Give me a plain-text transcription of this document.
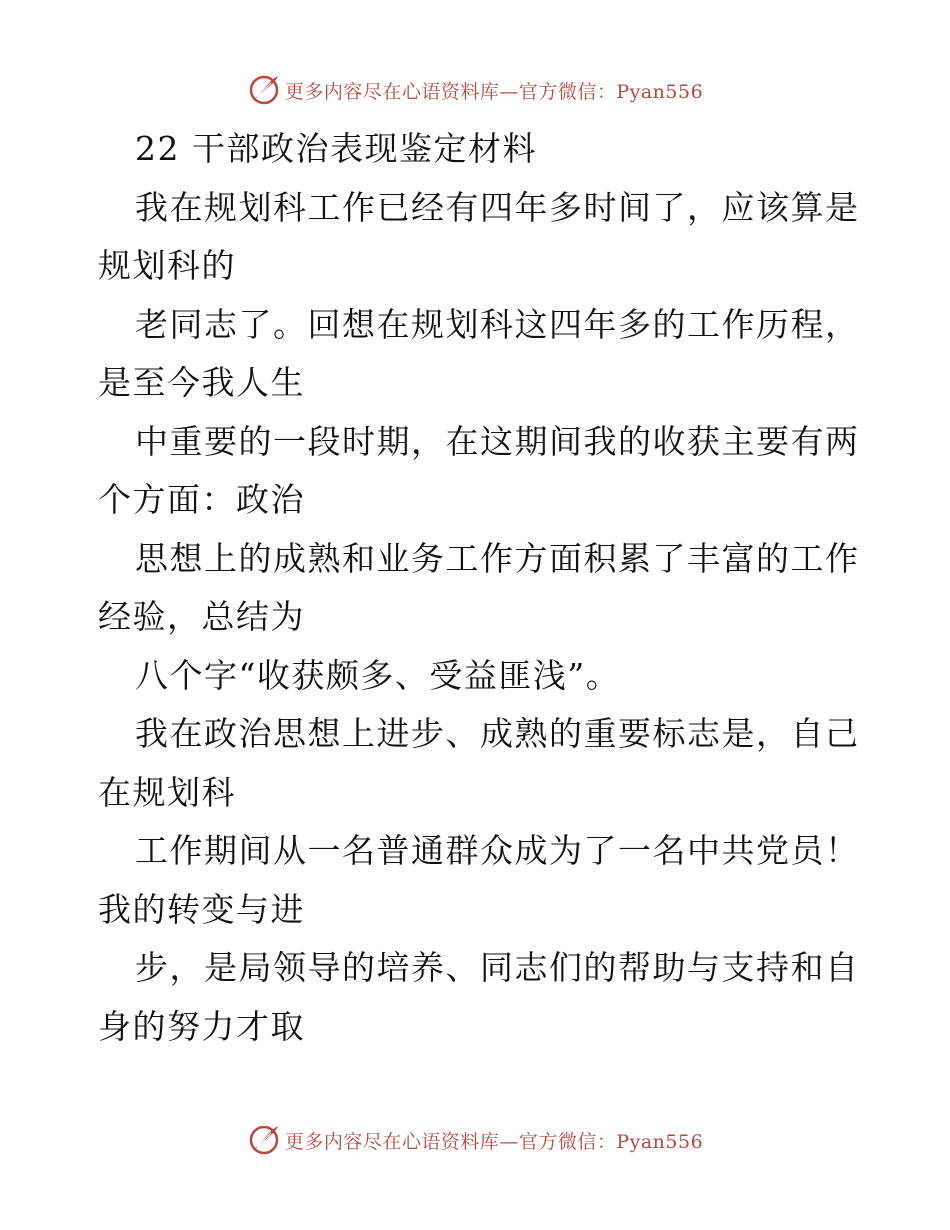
更多内容尽在心语资料库—官方微信：Pyan556
22 干部政治表现鉴定材料
我在规划科工作已经有四年多时间了，应该算是
规划科的
老同志了。回想在规划科这四年多的工作历程，
是至今我人生
中重要的一段时期，在这期间我的收获主要有两
个方面：政治
思想上的成熟和业务工作方面积累了丰富的工作
经验，总结为
八个字“收获颇多、受益匪浅”。
我在政治思想上进步、成熟的重要标志是，自己
在规划科
工作期间从一名普通群众成为了一名中共党员！
我的转变与进
步，是局领导的培养、同志们的帮助与支持和自
身的努力才取
更多内容尽在心语资料库—官方微信：Pyan556
